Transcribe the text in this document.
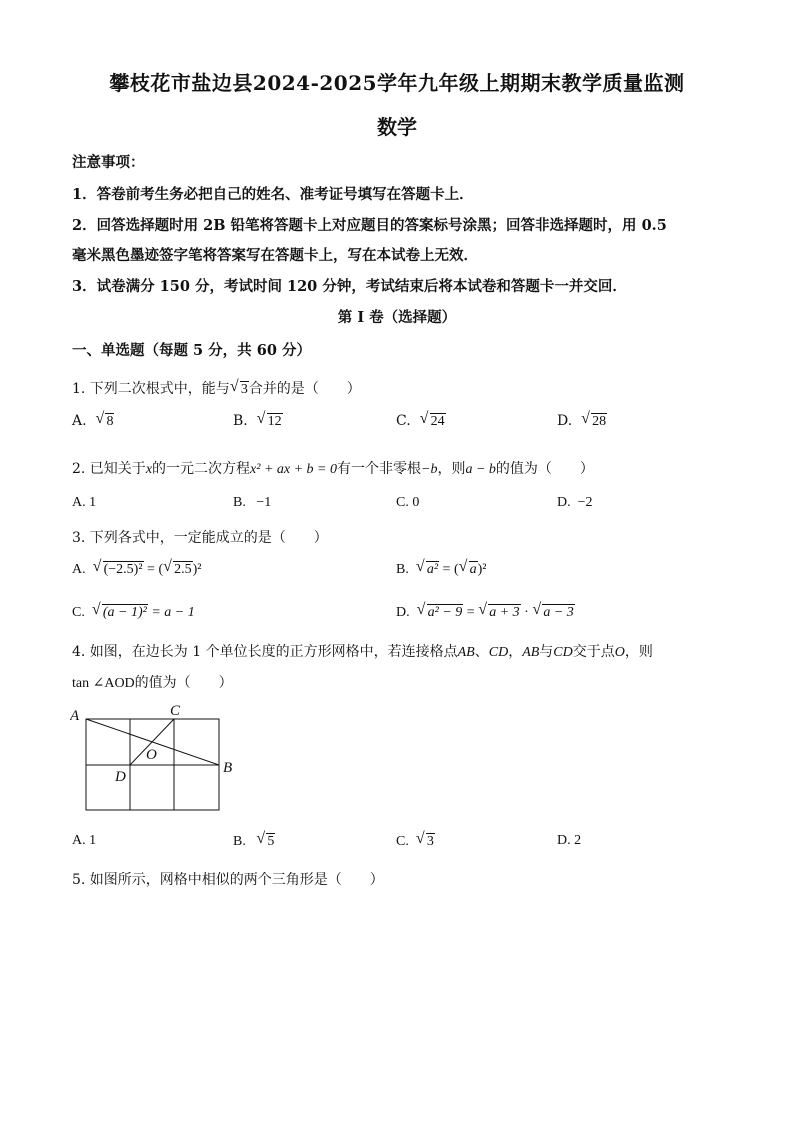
攀枝花市盐边县2024-2025学年九年级上期期末教学质量监测
数学
注意事项：
1．答卷前考生务必把自己的姓名、准考证号填写在答题卡上．
2．回答选择题时用 2B 铅笔将答题卡上对应题目的答案标号涂黑；回答非选择题时，用 0.5
毫米黑色墨迹签字笔将答案写在答题卡上，写在本试卷上无效．
3．试卷满分 150 分，考试时间 120 分钟，考试结束后将本试卷和答题卡一并交回．
第 I 卷（选择题）
一、单选题（每题 5 分，共 60 分）
1. 下列二次根式中，能与 √ 3合并的是（　　）
A. √ 8	B. √ 12	C. √ 24	D. √ 28
2. 已知关于x的一元二次方程x² + ax + b = 0有一个非零根−b，则a − b的值为（　　）
A. 1	B. −1	C. 0	D. −2
3. 下列各式中，一定能成立的是（　　）
A. √ (−2.5)² = ( √ 2.5)²	B. √ a² = ( √ a)²
C. √ (a − 1)² = a − 1	D. √ a² − 9 = √ a + 3 · √ a − 3
4. 如图，在边长为 1 个单位长度的正方形网格中，若连接格点AB、CD，AB与CD交于点O，则
tan ∠AOD的值为（　　）
A	C
O
D
B
A. 1	B. √ 5	C. √ 3	D. 2
5. 如图所示，网格中相似的两个三角形是（　　）
